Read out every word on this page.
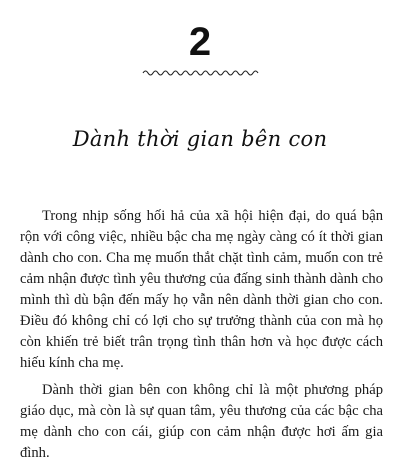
2
Dành thời gian bên con

Trong nhịp sống hối hả của xã hội hiện đại, do quá bận rộn với công việc, nhiều bậc cha mẹ ngày càng có ít thời gian dành cho con. Cha mẹ muốn thắt chặt tình cảm, muốn con trẻ cảm nhận được tình yêu thương của đấng sinh thành dành cho mình thì dù bận đến mấy họ vẫn nên dành thời gian cho con. Điều đó không chỉ có lợi cho sự trưởng thành của con mà họ còn khiến trẻ biết trân trọng tình thân hơn và học được cách hiếu kính cha mẹ.

Dành thời gian bên con không chỉ là một phương pháp giáo dục, mà còn là sự quan tâm, yêu thương của các bậc cha mẹ dành cho con cái, giúp con cảm nhận được hơi ấm gia đình.
